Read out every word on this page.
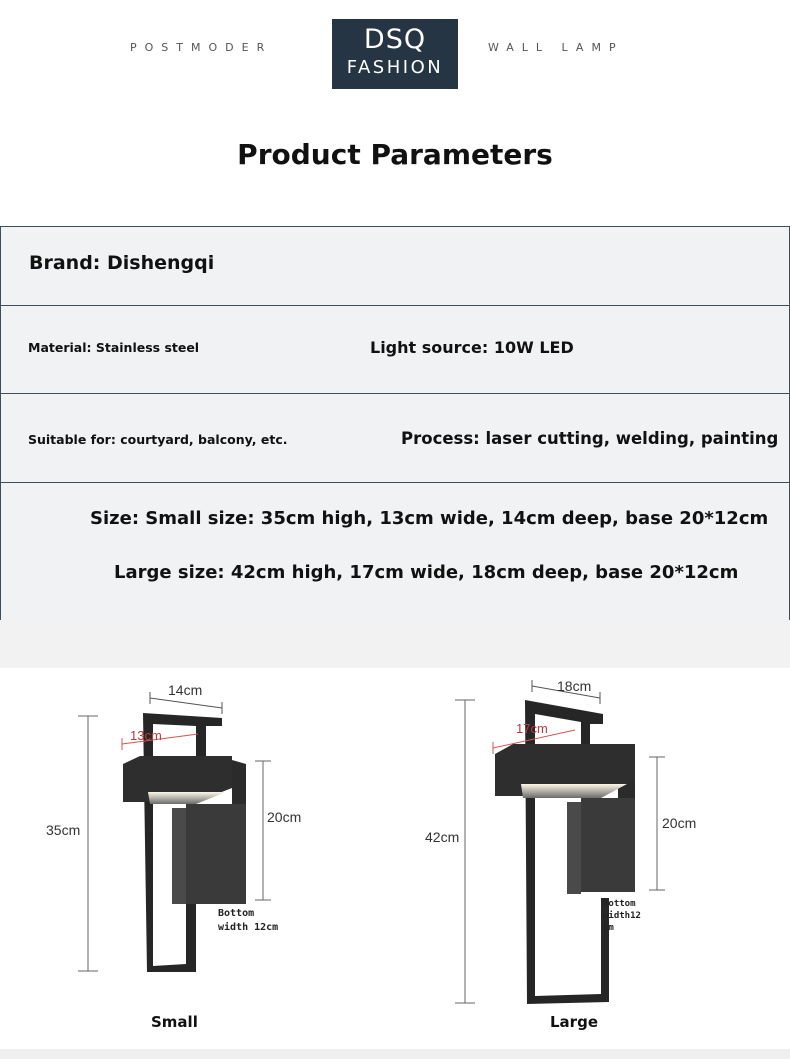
POSTMODER	DSQ
FASHION
WALL LAMP
Product Parameters
Brand: Dishengqi
Material: Stainless steel	Light source: 10W LED
Suitable for: courtyard, balcony, etc.	Process: laser cutting, welding, painting
Size: Small size: 35cm high, 13cm wide, 14cm deep, base 20*12cm
Large size: 42cm high, 17cm wide, 18cm deep, base 20*12cm
14cm
13cm
35cm
20cm
Bottom
width 12cm
Small
18cm
17cm
42cm
20cm
Bottom
width12
cm
Large
